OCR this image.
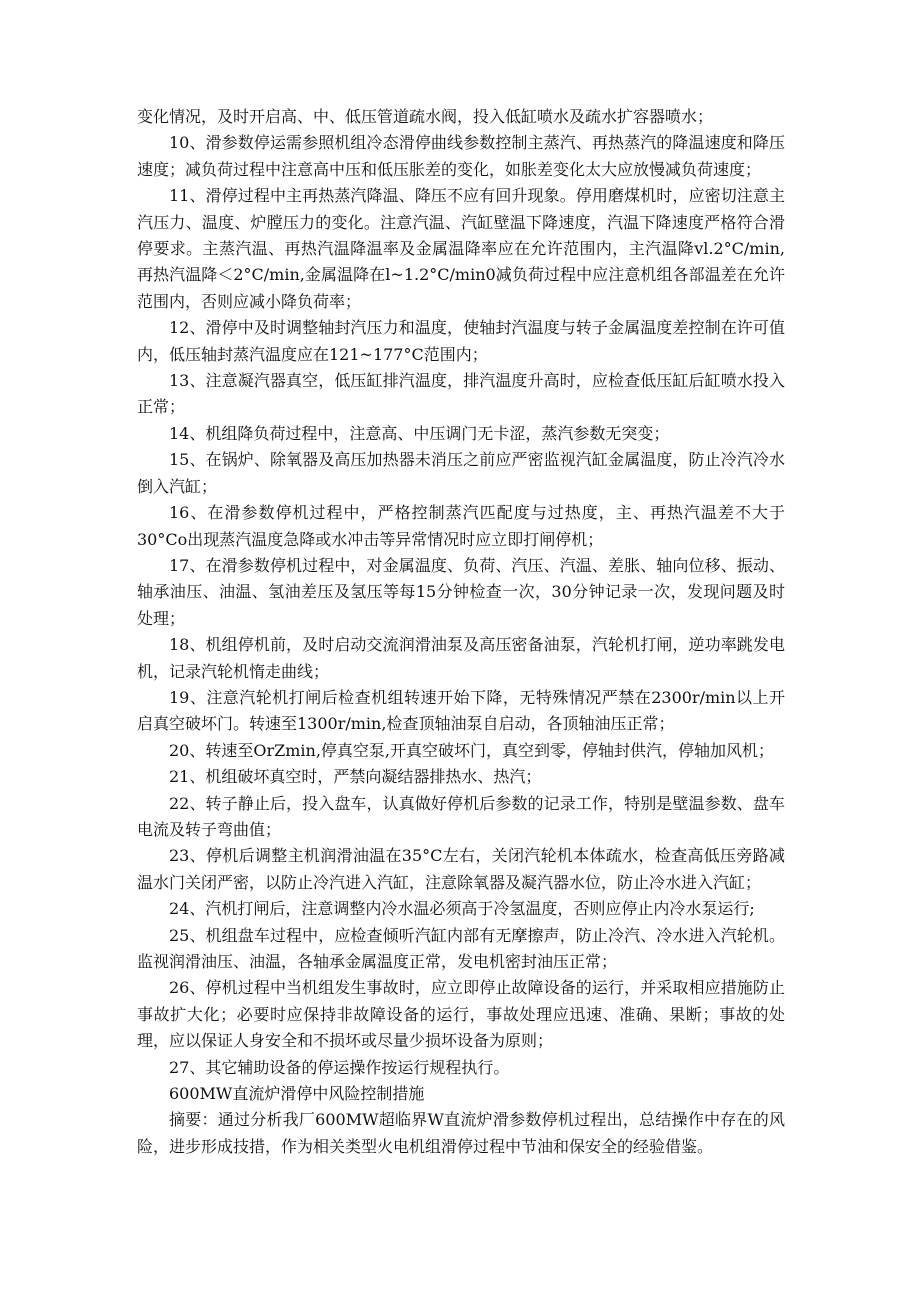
变化情况，及时开启高、中、低压管道疏水阀，投入低缸喷水及疏水扩容器喷水；

10、滑参数停运需参照机组冷态滑停曲线参数控制主蒸汽、再热蒸汽的降温速度和降压速度；减负荷过程中注意高中压和低压胀差的变化，如胀差变化太大应放慢减负荷速度；

11、滑停过程中主再热蒸汽降温、降压不应有回升现象。停用磨煤机时，应密切注意主汽压力、温度、炉膛压力的变化。注意汽温、汽缸壁温下降速度，汽温下降速度严格符合滑停要求。主蒸汽温、再热汽温降温率及金属温降率应在允许范围内，主汽温降vl.2°C∕min,再热汽温降＜2°C∕min,金属温降在l~1.2°C∕min0减负荷过程中应注意机组各部温差在允许范围内，否则应减小降负荷率；

12、滑停中及时调整轴封汽压力和温度，使轴封汽温度与转子金属温度差控制在许可值内，低压轴封蒸汽温度应在121~177°C范围内；

13、注意凝汽器真空，低压缸排汽温度，排汽温度升高时，应检查低压缸后缸喷水投入正常；

14、机组降负荷过程中，注意高、中压调门无卡涩，蒸汽参数无突变；

15、在锅炉、除氧器及高压加热器未消压之前应严密监视汽缸金属温度，防止冷汽冷水倒入汽缸；

16、在滑参数停机过程中，严格控制蒸汽匹配度与过热度，主、再热汽温差不大于30°Co出现蒸汽温度急降或水冲击等异常情况时应立即打闸停机；

17、在滑参数停机过程中，对金属温度、负荷、汽压、汽温、差胀、轴向位移、振动、轴承油压、油温、氢油差压及氢压等每15分钟检查一次，30分钟记录一次，发现问题及时处理；

18、机组停机前，及时启动交流润滑油泵及高压密备油泵，汽轮机打闸，逆功率跳发电机，记录汽轮机惰走曲线；

19、注意汽轮机打闸后检查机组转速开始下降，无特殊情况严禁在2300r∕min以上开启真空破坏门。转速至1300r∕min,检查顶轴油泵自启动，各顶轴油压正常；

20、转速至OrZmin,停真空泵,开真空破坏门，真空到零，停轴封供汽，停轴加风机；

21、机组破坏真空时，严禁向凝结器排热水、热汽；

22、转子静止后，投入盘车，认真做好停机后参数的记录工作，特别是壁温参数、盘车电流及转子弯曲值；

23、停机后调整主机润滑油温在35°C左右，关闭汽轮机本体疏水，检查高低压旁路减温水门关闭严密，以防止冷汽进入汽缸，注意除氧器及凝汽器水位，防止冷水进入汽缸；

24、汽机打闸后，注意调整内冷水温必须高于冷氢温度，否则应停止内冷水泵运行;

25、机组盘车过程中，应检查倾听汽缸内部有无摩擦声，防止冷汽、冷水进入汽轮机。监视润滑油压、油温，各轴承金属温度正常，发电机密封油压正常；

26、停机过程中当机组发生事故时，应立即停止故障设备的运行，并采取相应措施防止事故扩大化；必要时应保持非故障设备的运行，事故处理应迅速、准确、果断；事故的处理，应以保证人身安全和不损坏或尽量少损坏设备为原则；

27、其它辅助设备的停运操作按运行规程执行。

600MW直流炉滑停中风险控制措施

摘要：通过分析我厂600MW超临界W直流炉滑参数停机过程出，总结操作中存在的风险，进步形成技措，作为相关类型火电机组滑停过程中节油和保安全的经验借鉴。
